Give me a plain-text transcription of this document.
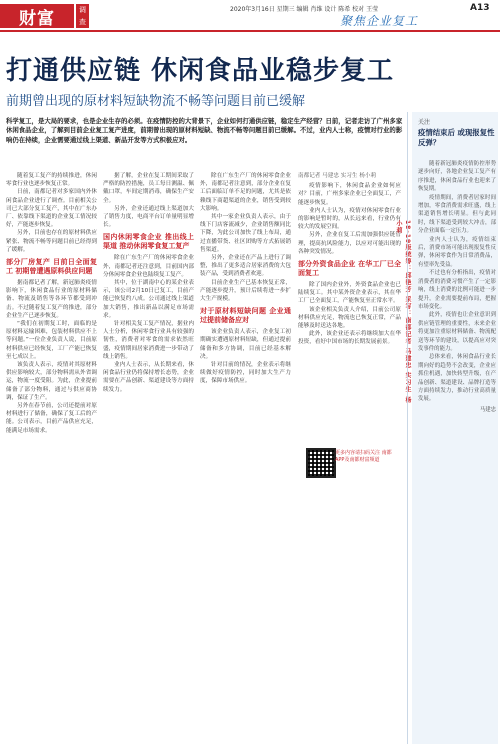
财富	调查	聚焦企业复工
2020年3月16日 星期三 编辑 肖维 设计 陈希 校对 王莹	A13
打通供应链 休闲食品业稳步复工
前期曾出现的原材料短缺物流不畅等问题目前已缓解
科学复工，是大局的要求，也是企业生存的必须。在疫情防控的大背景下，企业如何打通供应链，稳定生产经营？日前，记者走访了广州多家休闲食品企业，了解到目前企业复工复产进度，前期曾出现的原材料短缺、物流不畅等问题目前已缓解。不过，业内人士称，疫情对行业的影响仍在持续，企业需要通过线上渠道、新品开发等方式积极应对。

随着复工复产的持续推进，休闲零食行业也逐步恢复正常。

日前，南都记者对多家国内外休闲食品企业进行了调查。目前相关公司已大部分复工复产，其中在广东办厂、依靠线下渠道的企业复工情况较好，产能逐步恢复。

另外，目前也存在的原材料供应紧张、物流不畅等问题目前已经得到了缓解。

部分厂房复产 目前日全面复工 初期曾遭遇原料供应问题

据南都记者了解，新冠肺炎疫情影响下，休闲食品行业的原材料储备、物流及销售等各环节都受到冲击。不过随着复工复产的推进，部分企业生产已逐步恢复。

“我们在初期复工时，面临的是原材料运输困难，包装材料供应不上等问题。”一位企业负责人说，目前原材料供应已经恢复，工厂产能已恢复至七成以上。

该负责人表示，疫情对其原材料供应影响较大，部分物料需从外省调运，物流一度受阻。为此，企业提前储备了部分物料，通过与供应商协调，保证了生产。

另外在春节前，公司还提前对原材料进行了储备，确保了复工后的产能。公司表示，目前产品供应充足，能满足市场需求。

据了解，企业在复工期间采取了严格的防控措施，员工每日测温、佩戴口罩，车间定期消毒，确保生产安全。

另外，企业还通过线上渠道加大了销售力度，电商平台订单量明显增长。

国内休闲零食企业 推出线上渠道 推动休闲零食复工复产

除在广东生产厂的休闲零食企业外，南都记者还注意到，目前国内部分休闲零食企业也陆续复工复产。

其中，位于湖南中心的某企业表示，该公司2月10日已复工，目前产能已恢复约八成。公司通过线上渠道加大销售，推出新品以满足市场需求。

针对相关复工复产情况，据业内人士分析，休闲零食行业具有较强的韧性，消费者对零食的需求依然旺盛，疫情期间居家消费进一步带动了线上销售。

业内人士表示，从长期来看，休闲食品行业仍将保持增长态势，企业需要在产品创新、渠道建设等方面持续发力。

除在广东生产厂的休闲零食企业外，南都记者注意到，部分企业在复工后面临订单不足的问题，尤其是依赖线下商超渠道的企业，销售受到较大影响。

其中一家企业负责人表示，由于线下门店客流减少，企业销售额同比下降，为此公司加快了线上布局，通过直播带货、社区团购等方式拓展销售渠道。

另外，企业还在产品上进行了调整，推出了更多适合居家消费的大包装产品，受到消费者欢迎。

目前企业生产已基本恢复正常，产能逐步提升，预计后续将进一步扩大生产规模。

对于原材料短缺问题 企业通过提前储备应对

该企业负责人表示，企业复工初期确实遭遇原材料短缺，但通过提前储备和多方协调，目前已经基本解决。

针对目前的情况，企业表示将继续做好疫情防控，同时加大生产力度，保障市场供应。

南都记者 马建忠 实习生 杨小莉

疫情影响下，休闲食品企业如何应对？目前，广州多家企业已全面复工，产能逐步恢复。

业内人士认为，疫情对休闲零食行业的影响是暂时的，从长远来看，行业仍有较大的发展空间。

另外，企业在复工后需加强供应链管理，提高抗风险能力，以应对可能出现的各种突发情况。

部分外资食品企业 在华工厂已全面复工

除了国内企业外，外资食品企业也已陆续复工。其中某外资企业表示，其在华工厂已全面复工，产能恢复至正常水平。

该企业相关负责人介绍，目前公司原材料供应充足，物流也已恢复正常，产品能够及时送达各地。

此外，该企业还表示将继续加大在华投资，看好中国市场的长期发展前景。

小莉
更多内容请扫码关注 南都APP及南都财富频道
关注
疫情结束后 或现报复性反弹？

随着新冠肺炎疫情防控形势逐步向好，各地企业复工复产有序推进，休闲食品行业也迎来了恢复期。

疫情期间，消费者居家时间增加，零食消费需求旺盛，线上渠道销售增长明显。但与此同时，线下渠道受到较大冲击，部分企业面临一定压力。

业内人士认为，疫情结束后，消费市场可能出现报复性反弹，休闲零食作为日常消费品，有望率先受益。

不过也有分析指出，疫情对消费者的消费习惯产生了一定影响，线上消费的比例可能进一步提升，企业需要提前布局，把握市场变化。

此外，疫情也让企业意识到供应链管理的重要性，未来企业将更加注重原材料储备、物流配送等环节的建设，以提高应对突发事件的能力。

总体来看，休闲食品行业长期向好的趋势不会改变，企业应抓住机遇，加快转型升级，在产品创新、渠道建设、品牌打造等方面持续发力，推动行业高质量发展。

马建忠
